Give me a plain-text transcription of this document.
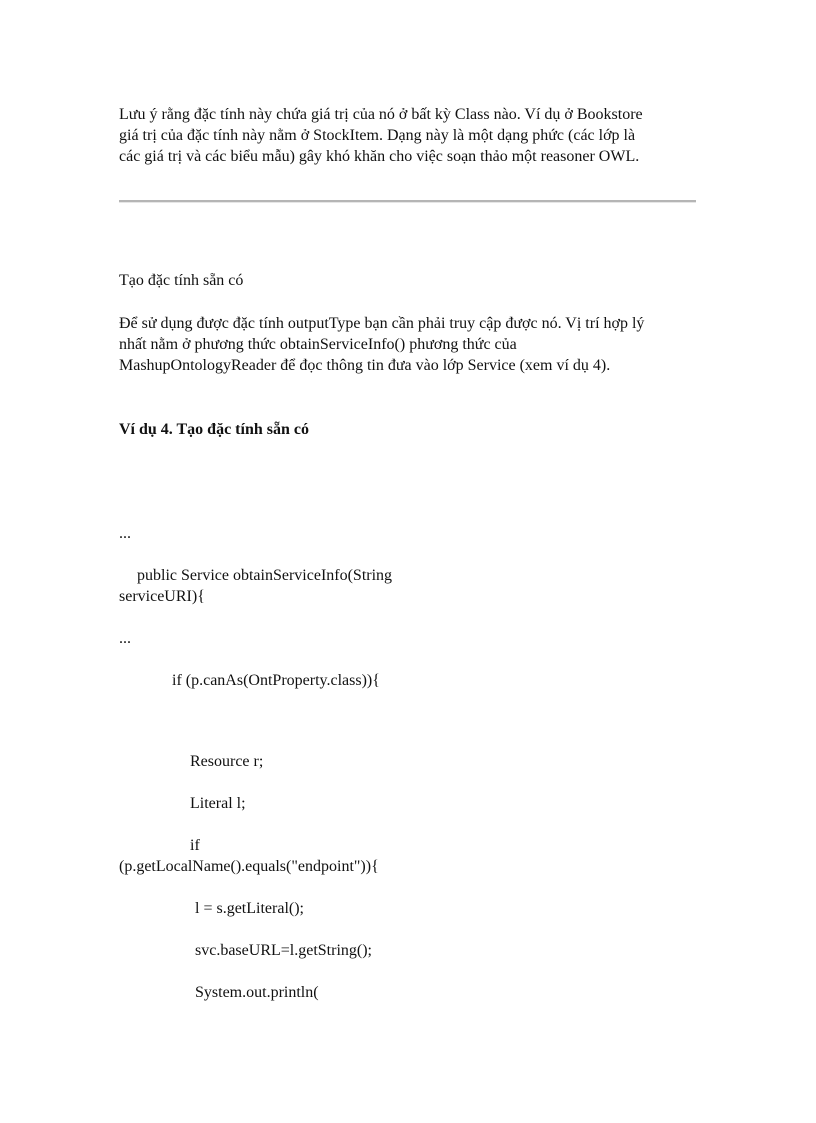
Lưu ý rằng đặc tính này chứa giá trị của nó ở bất kỳ Class nào. Ví dụ ở Bookstore
giá trị của đặc tính này nằm ở StockItem. Dạng này là một dạng phức (các lớp là
các giá trị và các biểu mẫu) gây khó khăn cho việc soạn thảo một reasoner OWL.

Tạo đặc tính sẵn có

Để sử dụng được đặc tính outputType bạn cần phải truy cập được nó. Vị trí hợp lý
nhất nằm ở phương thức obtainServiceInfo() phương thức của
MashupOntologyReader để đọc thông tin đưa vào lớp Service (xem ví dụ 4).

Ví dụ 4. Tạo đặc tính sẵn có

...

public Service obtainServiceInfo(String

serviceURI){

...

if (p.canAs(OntProperty.class)){

Resource r;

Literal l;

if

(p.getLocalName().equals("endpoint")){

l = s.getLiteral();

svc.baseURL=l.getString();

System.out.println(
